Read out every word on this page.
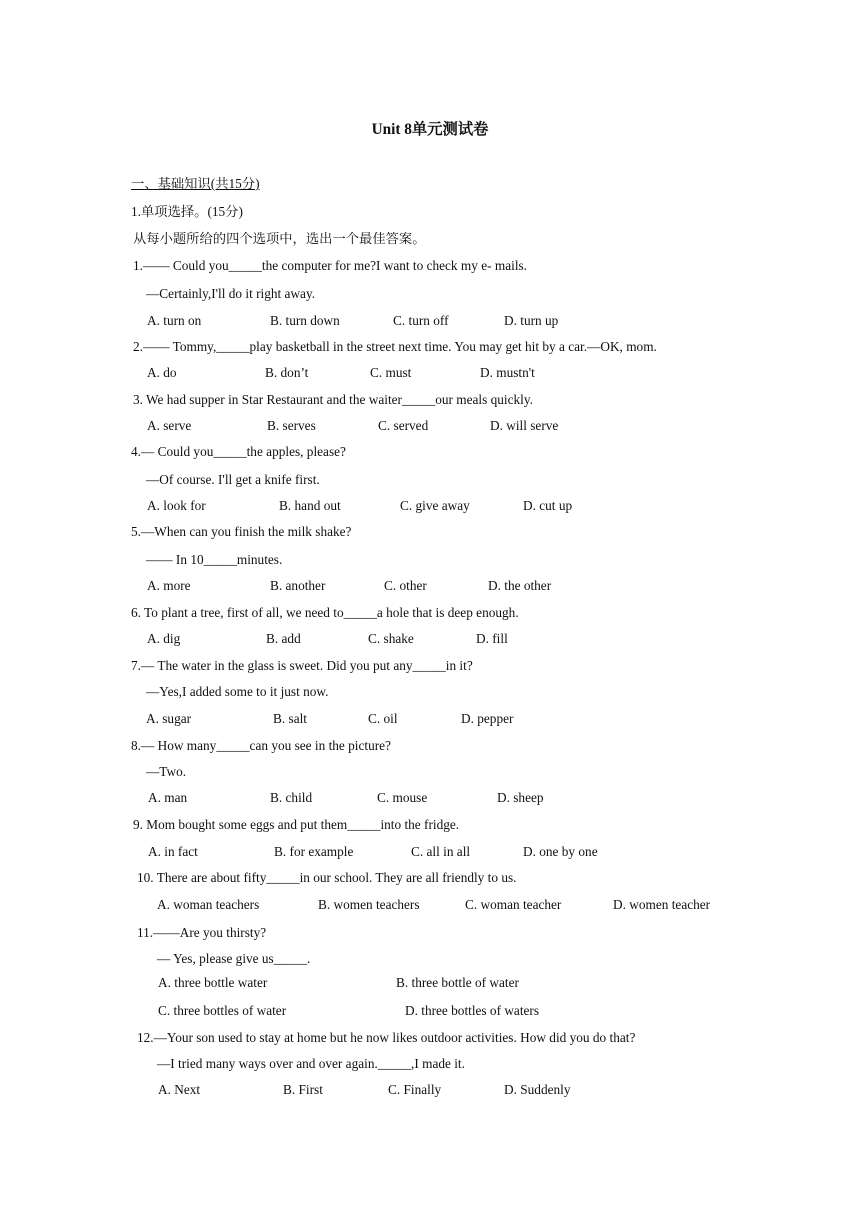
Unit 8单元测试卷
一、基础知识(共15分)
1.单项选择。(15分)
从每小题所给的四个选项中，选出一个最佳答案。
1.—— Could you_____the computer for me?I want to check my e- mails.
—Certainly,I'll do it right away.
A. turn on	B. turn down	C. turn off	D. turn up
2.—— Tommy,_____play basketball in the street next time. You may get hit by a car.—OK, mom.
A. do	B. don’t	C. must	D. mustn't
3. We had supper in Star Restaurant and the waiter_____our meals quickly.
A. serve	B. serves	C. served	D. will serve
4.— Could you_____the apples, please?
—Of course. I'll get a knife first.
A. look for	B. hand out	C. give away	D. cut up
5.—When can you finish the milk shake?
—— In 10_____minutes.
A. more	B. another	C. other	D. the other
6. To plant a tree, first of all, we need to_____a hole that is deep enough.
A. dig	B. add	C. shake	D. fill
7.— The water in the glass is sweet. Did you put any_____in it?
—Yes,I added some to it just now.
A. sugar	B. salt	C. oil	D. pepper
8.— How many_____can you see in the picture?
—Two.
A. man	B. child	C. mouse	D. sheep
9. Mom bought some eggs and put them_____into the fridge.
A. in fact	B. for example	C. all in all	D. one by one
10. There are about fifty_____in our school. They are all friendly to us.
A. woman teachers	B. women teachers	C. woman teacher	D. women teacher
11.——Are you thirsty?
— Yes, please give us_____.
A. three bottle water	B. three bottle of water
C. three bottles of water	D. three bottles of waters
12.—Your son used to stay at home but he now likes outdoor activities. How did you do that?
—I tried many ways over and over again._____,I made it.
A. Next	B. First	C. Finally	D. Suddenly
